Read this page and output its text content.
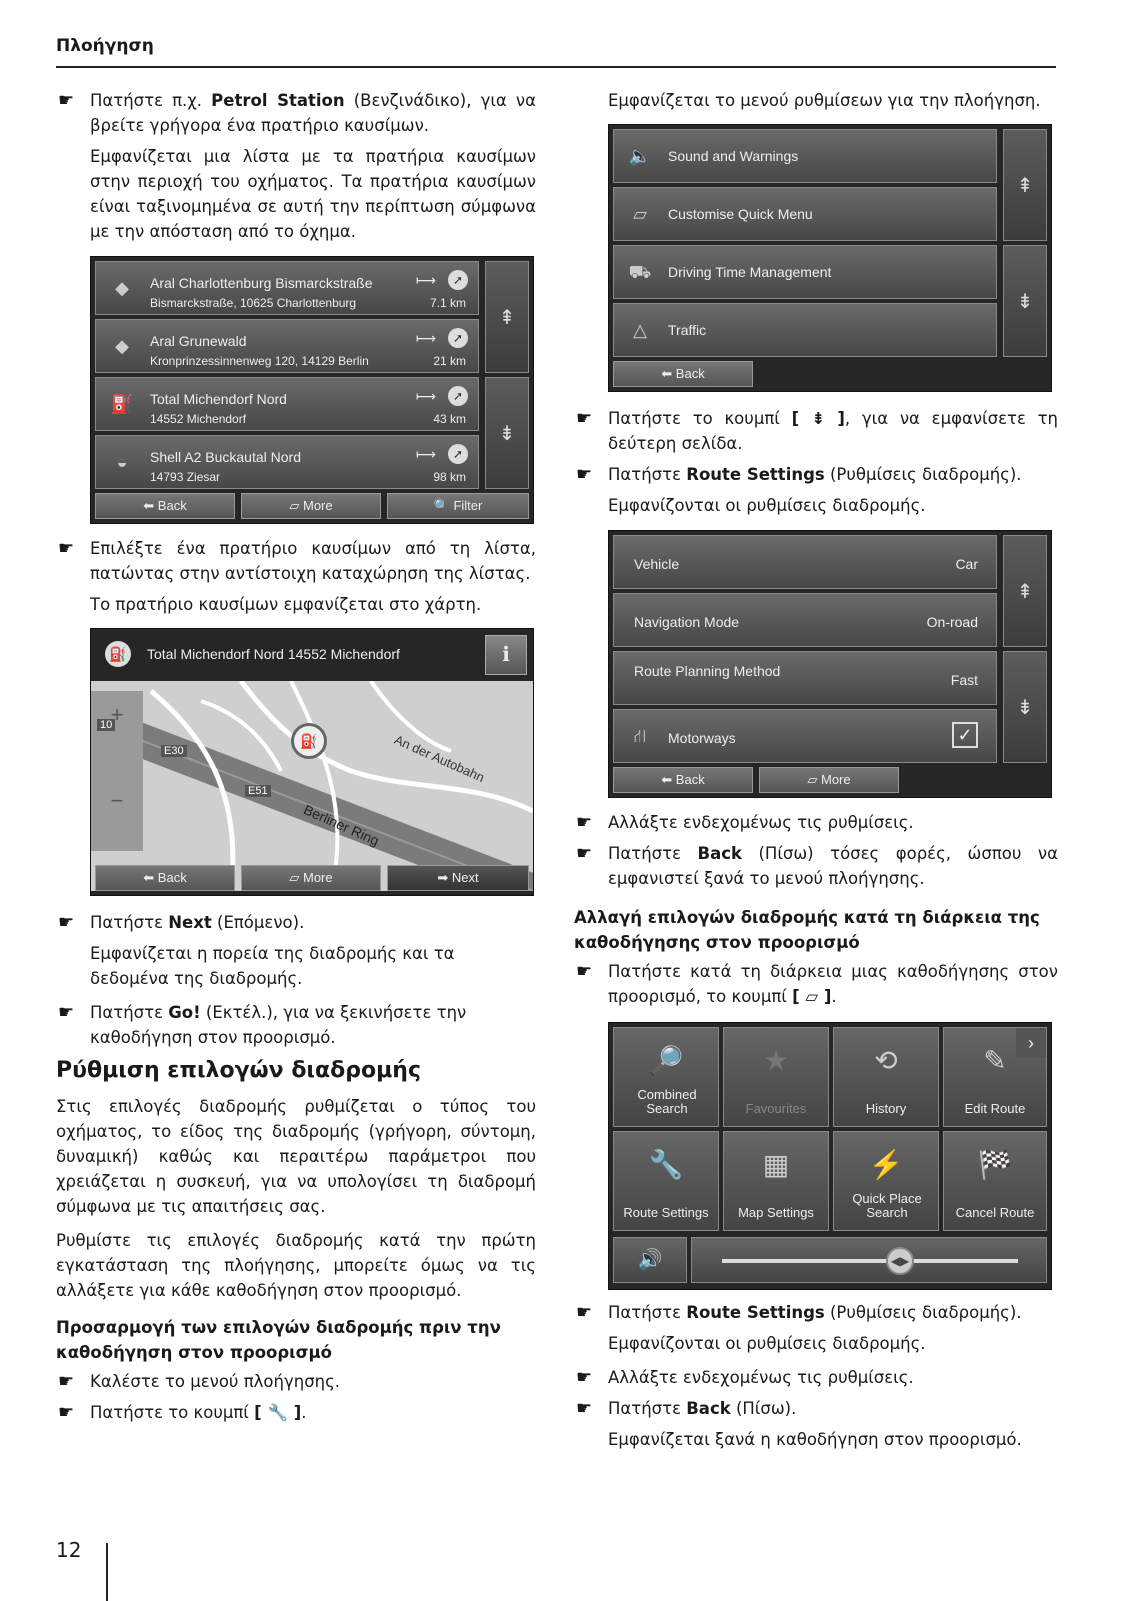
Πλοήγηση
☛ Πατήστε π.χ. Petrol Station (Βενζινάδικο), για να βρείτε γρήγορα ένα πρατήριο καυσίμων.

Εμφανίζεται μια λίστα με τα πρατήρια καυσίμων στην περιοχή του οχήματος. Τα πρατήρια καυσίμων είναι ταξινομημένα σε αυτή την περίπτωση σύμφωνα με την απόσταση από το όχημα.

◆	Aral Charlottenburg Bismarckstraße
Bismarckstraße, 10625 Charlottenburg
⟼	➚
7.1 km
◆	Aral Grunewald
Kronprinzessinnenweg 120, 14129 Berlin
⟼	➚
21 km
⛽ Total Michendorf Nord
14552 Michendorf
⟼	➚
43 km
◒	Shell A2 Buckautal Nord
14793 Ziesar
⟼	➚
98 km
⇞
⇟
⬅ Back	▱ More	🔍 Filter
☛ Επιλέξτε ένα πρατήριο καυσίμων από τη λίστα, πατώντας στην αντίστοιχη καταχώρηση της λίστας.

Το πρατήριο καυσίμων εμφανίζεται στο χάρτη.

⛽	Total Michendorf Nord 14552 Michendorf	ℹ
10
E30
E51
An der Autobahn
Berliner Ring
⛽
+
−
⬅ Back	▱ More	➡ Next
☛ Πατήστε Next (Επόμενο).

Εμφανίζεται η πορεία της διαδρομής και τα δεδομένα της διαδρομής.

☛ Πατήστε Go! (Εκτέλ.), για να ξεκινήσετε την καθοδήγηση στον προορισμό.
Ρύθμιση επιλογών διαδρομής

Στις επιλογές διαδρομής ρυθμίζεται ο τύπος του οχήματος, το είδος της διαδρομής (γρήγορη, σύντομη, δυναμική) καθώς και περαιτέρω παράμετροι που χρειάζεται η συσκευή, για να υπολογίσει τη διαδρομή σύμφωνα με τις απαιτήσεις σας.

Ρυθμίστε τις επιλογές διαδρομής κατά την πρώτη εγκατάσταση της πλοήγησης, μπορείτε όμως να τις αλλάξετε για κάθε καθοδήγηση στον προορισμό.

Προσαρμογή των επιλογών διαδρομής πριν την καθοδήγηση στον προορισμό
☛ Καλέστε το μενού πλοήγησης.
☛ Πατήστε το κουμπί [ 🔧 ].

Εμφανίζεται το μενού ρυθμίσεων για την πλοήγηση.

🔈 Sound and Warnings
▱	Customise Quick Menu
⛟ Driving Time Management
△	Traffic
⇞
⇟
⬅ Back
☛ Πατήστε το κουμπί [ ⇟ ], για να εμφανίσετε τη δεύτερη σελίδα.
☛ Πατήστε Route Settings (Ρυθμίσεις διαδρομής).

Εμφανίζονται οι ρυθμίσεις διαδρομής.

Vehicle	Car
Navigation Mode	On-road
Route Planning Method
Fast
⛙	Motorways	✓
⇞
⇟
⬅ Back	▱ More
☛ Αλλάξτε ενδεχομένως τις ρυθμίσεις.
☛ Πατήστε Back (Πίσω) τόσες φορές, ώσπου να εμφανιστεί ξανά το μενού πλοήγησης.
Αλλαγή επιλογών διαδρομής κατά τη διάρκεια της καθοδήγησης στον προορισμό
☛ Πατήστε κατά τη διάρκεια μιας καθοδήγησης στον προορισμό, το κουμπί [ ▱ ].
🔎
Combined Search
★
Favourites
⟲
History
✎
Edit Route
›
🔧
Route Settings
▦
Map Settings
⚡
Quick Place Search
🏁
Cancel Route
🔊	◀▶
☛ Πατήστε Route Settings (Ρυθμίσεις διαδρομής).

Εμφανίζονται οι ρυθμίσεις διαδρομής.

☛ Αλλάξτε ενδεχομένως τις ρυθμίσεις.
☛ Πατήστε Back (Πίσω).

Εμφανίζεται ξανά η καθοδήγηση στον προορισμό.

12
